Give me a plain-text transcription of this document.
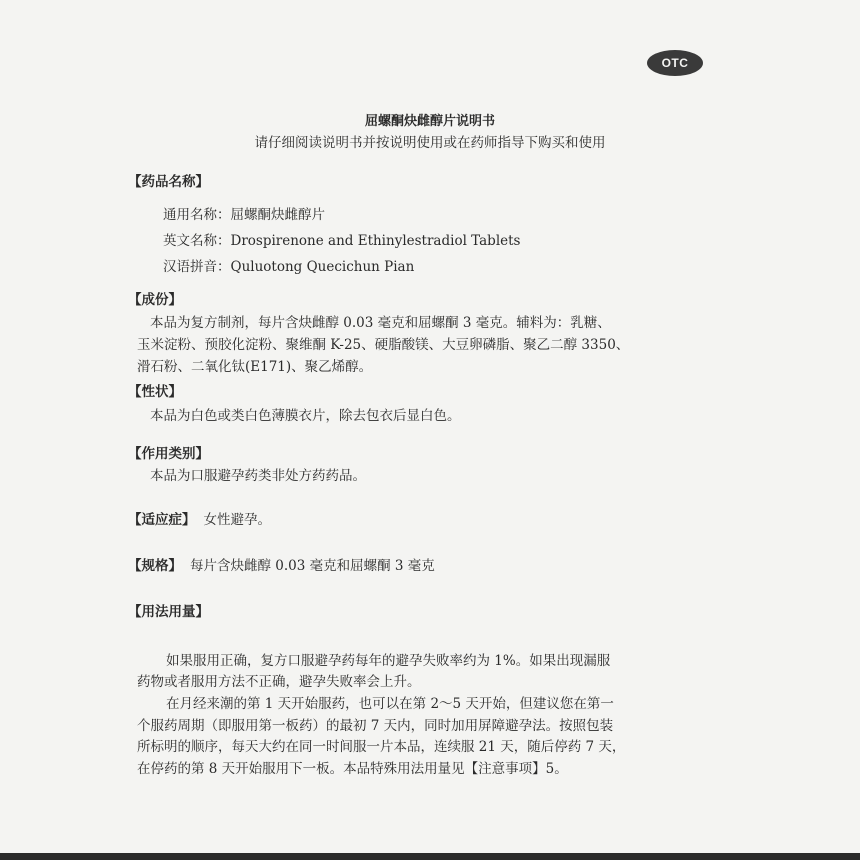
OTC
屈螺酮炔雌醇片说明书
请仔细阅读说明书并按说明使用或在药师指导下购买和使用
【药品名称】
通用名称：屈螺酮炔雌醇片
英文名称：Drospirenone and Ethinylestradiol Tablets
汉语拼音：Quluotong Quecichun Pian
【成份】
本品为复方制剂，每片含炔雌醇 0.03 毫克和屈螺酮 3 毫克。辅料为：乳糖、
玉米淀粉、预胶化淀粉、聚维酮 K-25、硬脂酸镁、大豆卵磷脂、聚乙二醇 3350、
滑石粉、二氧化钛(E171)、聚乙烯醇。
【性状】
本品为白色或类白色薄膜衣片，除去包衣后显白色。
【作用类别】
本品为口服避孕药类非处方药药品。
【适应症】 女性避孕。
【规格】 每片含炔雌醇 0.03 毫克和屈螺酮 3 毫克
【用法用量】
如果服用正确，复方口服避孕药每年的避孕失败率约为 1%。如果出现漏服
药物或者服用方法不正确，避孕失败率会上升。
在月经来潮的第 1 天开始服药，也可以在第 2～5 天开始，但建议您在第一
个服药周期（即服用第一板药）的最初 7 天内，同时加用屏障避孕法。按照包装
所标明的顺序，每天大约在同一时间服一片本品，连续服 21 天，随后停药 7 天，
在停药的第 8 天开始服用下一板。本品特殊用法用量见【注意事项】5。
